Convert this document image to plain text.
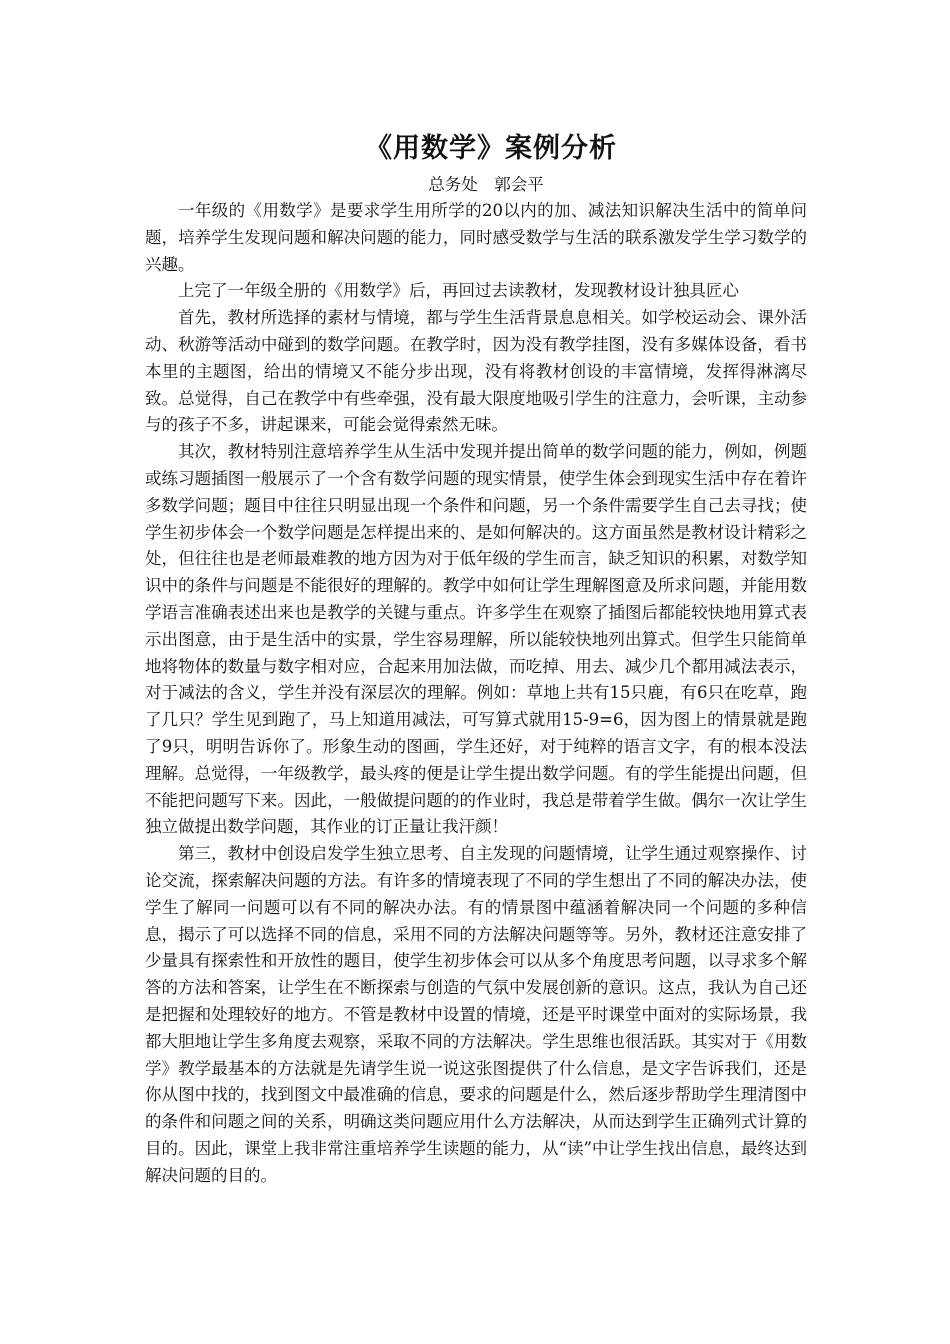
《用数学》案例分析
总务处　郭会平

一年级的《用数学》是要求学生用所学的20以内的加、减法知识解决生活中的简单问题，培养学生发现问题和解决问题的能力，同时感受数学与生活的联系激发学生学习数学的兴趣。

上完了一年级全册的《用数学》后，再回过去读教材，发现教材设计独具匠心

首先，教材所选择的素材与情境，都与学生生活背景息息相关。如学校运动会、课外活动、秋游等活动中碰到的数学问题。在教学时，因为没有教学挂图，没有多媒体设备，看书本里的主题图，给出的情境又不能分步出现，没有将教材创设的丰富情境，发挥得淋漓尽致。总觉得，自己在教学中有些牵强，没有最大限度地吸引学生的注意力，会听课，主动参与的孩子不多，讲起课来，可能会觉得索然无味。

其次，教材特别注意培养学生从生活中发现并提出简单的数学问题的能力，例如，例题或练习题插图一般展示了一个含有数学问题的现实情景，使学生体会到现实生活中存在着许多数学问题；题目中往往只明显出现一个条件和问题，另一个条件需要学生自己去寻找；使学生初步体会一个数学问题是怎样提出来的、是如何解决的。这方面虽然是教材设计精彩之处，但往往也是老师最难教的地方因为对于低年级的学生而言，缺乏知识的积累，对数学知识中的条件与问题是不能很好的理解的。教学中如何让学生理解图意及所求问题，并能用数学语言准确表述出来也是教学的关键与重点。许多学生在观察了插图后都能较快地用算式表示出图意，由于是生活中的实景，学生容易理解，所以能较快地列出算式。但学生只能简单地将物体的数量与数字相对应，合起来用加法做，而吃掉、用去、减少几个都用减法表示，对于减法的含义，学生并没有深层次的理解。例如：草地上共有15只鹿，有6只在吃草，跑了几只？学生见到跑了，马上知道用减法，可写算式就用15-9=6，因为图上的情景就是跑了9只，明明告诉你了。形象生动的图画，学生还好，对于纯粹的语言文字，有的根本没法理解。总觉得，一年级教学，最头疼的便是让学生提出数学问题。有的学生能提出问题，但不能把问题写下来。因此，一般做提问题的的作业时，我总是带着学生做。偶尔一次让学生独立做提出数学问题，其作业的订正量让我汗颜！

第三，教材中创设启发学生独立思考、自主发现的问题情境，让学生通过观察操作、讨论交流，探索解决问题的方法。有许多的情境表现了不同的学生想出了不同的解决办法，使学生了解同一问题可以有不同的解决办法。有的情景图中蕴涵着解决同一个问题的多种信息，揭示了可以选择不同的信息，采用不同的方法解决问题等等。另外，教材还注意安排了少量具有探索性和开放性的题目，使学生初步体会可以从多个角度思考问题，以寻求多个解答的方法和答案，让学生在不断探索与创造的气氛中发展创新的意识。这点，我认为自己还是把握和处理较好的地方。不管是教材中设置的情境，还是平时课堂中面对的实际场景，我都大胆地让学生多角度去观察，采取不同的方法解决。学生思维也很活跃。其实对于《用数学》教学最基本的方法就是先请学生说一说这张图提供了什么信息，是文字告诉我们，还是你从图中找的，找到图文中最准确的信息，要求的问题是什么，然后逐步帮助学生理清图中的条件和问题之间的关系，明确这类问题应用什么方法解决，从而达到学生正确列式计算的目的。因此，课堂上我非常注重培养学生读题的能力，从“读”中让学生找出信息，最终达到解决问题的目的。
